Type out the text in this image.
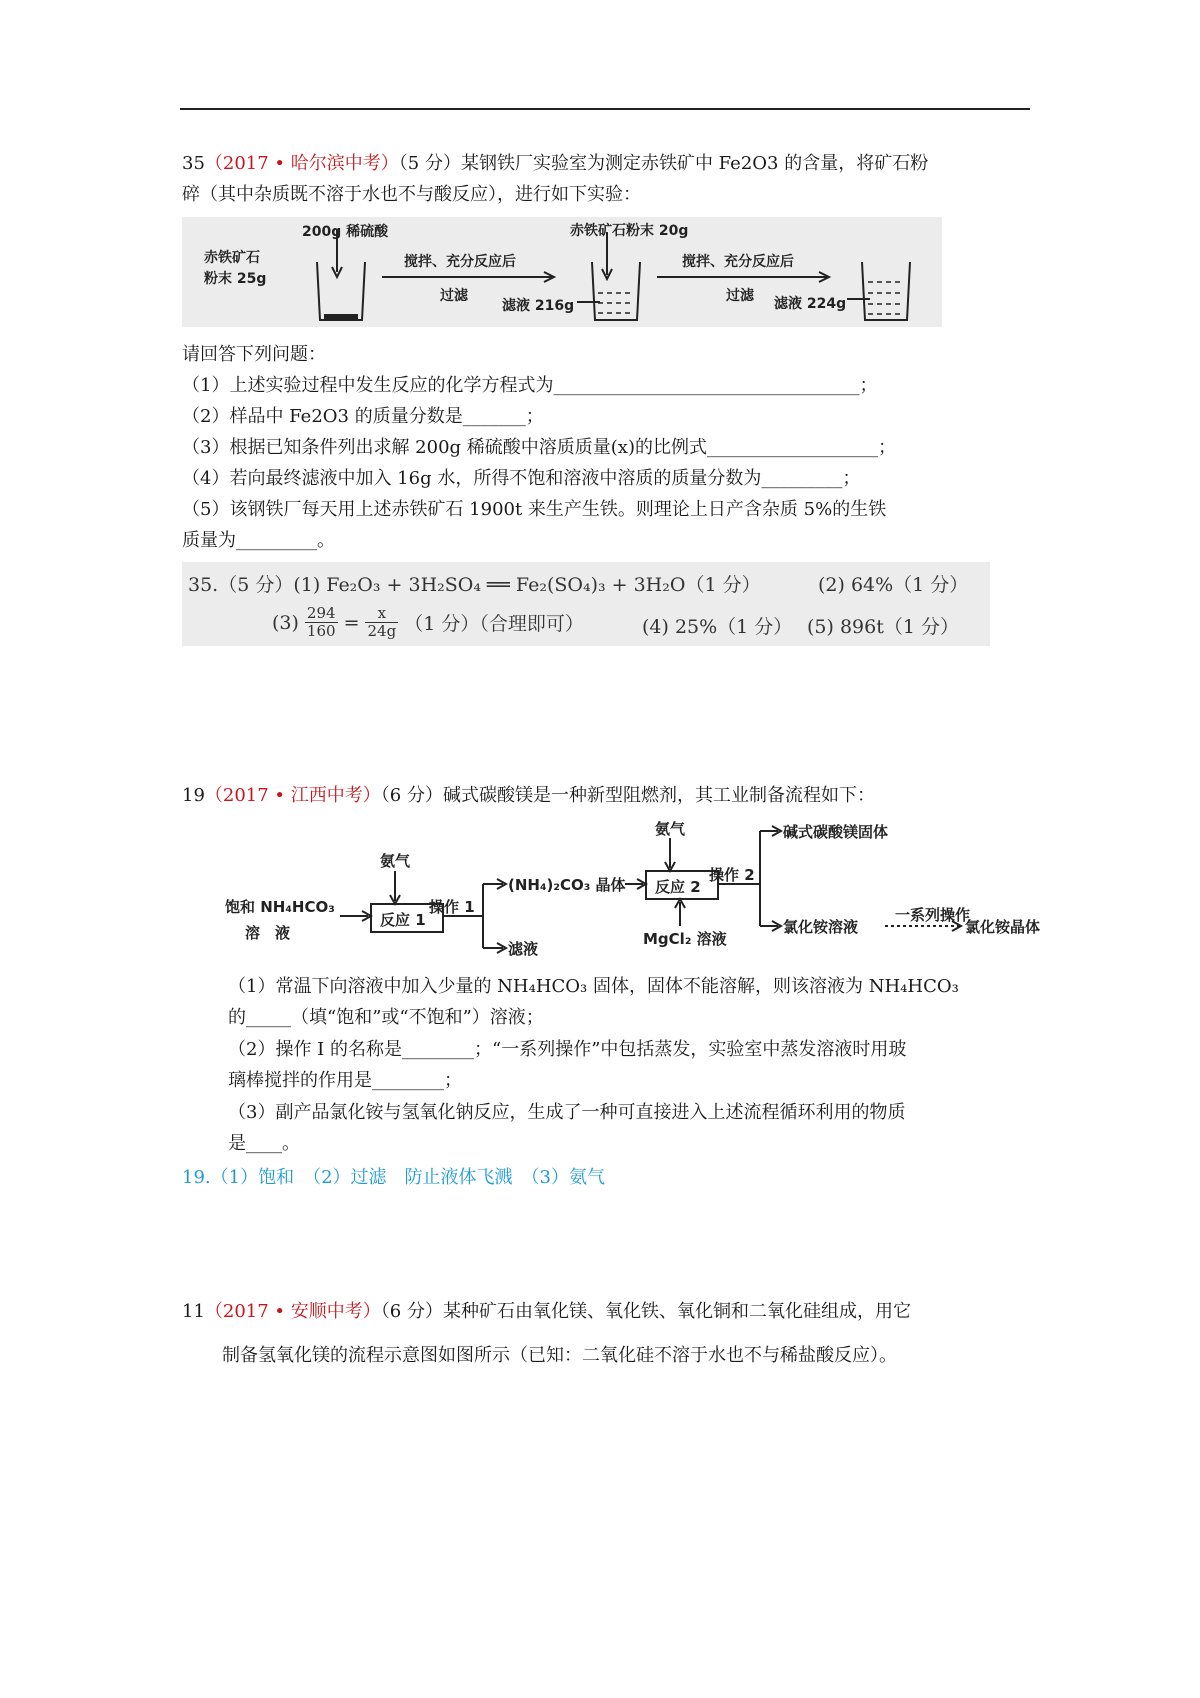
35（2017 • 哈尔滨中考）（5 分）某钢铁厂实验室为测定赤铁矿中 Fe2O3 的含量，将矿石粉
碎（其中杂质既不溶于水也不与酸反应），进行如下实验：
200g 稀硫酸
赤铁矿石
粉末 25g
搅拌、充分反应后
过滤
滤液 216g
赤铁矿石粉末 20g
搅拌、充分反应后
过滤 滤液 224g
请回答下列问题：
（1）上述实验过程中发生反应的化学方程式为__________________________________；
（2）样品中 Fe2O3 的质量分数是_______；
（3）根据已知条件列出求解 200g 稀硫酸中溶质质量(x)的比例式___________________；
（4）若向最终滤液中加入 16g 水，所得不饱和溶液中溶质的质量分数为_________；
（5）该钢铁厂每天用上述赤铁矿石 1900t 来生产生铁。则理论上日产含杂质 5%的生铁
质量为_________。
35.（5 分）(1) Fe₂O₃ + 3H₂SO₄ ══ Fe₂(SO₄)₃ + 3H₂O（1 分）	(2) 64%（1 分）
$(3) \frac{294}{160} = \frac{x}{24g} (1$ 分）（合理即可）	(4) 25%（1 分） (5) 896t（1 分）
19（2017 • 江西中考）（6 分）碱式碳酸镁是一种新型阻燃剂，其工业制备流程如下：
饱和 NH₄HCO₃
溶　液
氨气
反应 1
操作 1
(NH₄)₂CO₃ 晶体
滤液
氨气
反应 2
操作 2
MgCl₂ 溶液
碱式碳酸镁固体
氯化铵溶液
一系列操作
氯化铵晶体
（1）常温下向溶液中加入少量的 NH₄HCO₃ 固体，固体不能溶解，则该溶液为 NH₄HCO₃
的_____（填“饱和”或“不饱和”）溶液；
（2）操作 I 的名称是________；“一系列操作”中包括蒸发，实验室中蒸发溶液时用玻
璃棒搅拌的作用是________；
（3）副产品氯化铵与氢氧化钠反应，生成了一种可直接进入上述流程循环利用的物质
是____。
19.（1）饱和　（2）过滤　防止液体飞溅　（3）氨气
11（2017 • 安顺中考）（6 分）某种矿石由氧化镁、氧化铁、氧化铜和二氧化硅组成，用它
制备氢氧化镁的流程示意图如图所示（已知：二氧化硅不溶于水也不与稀盐酸反应）。
